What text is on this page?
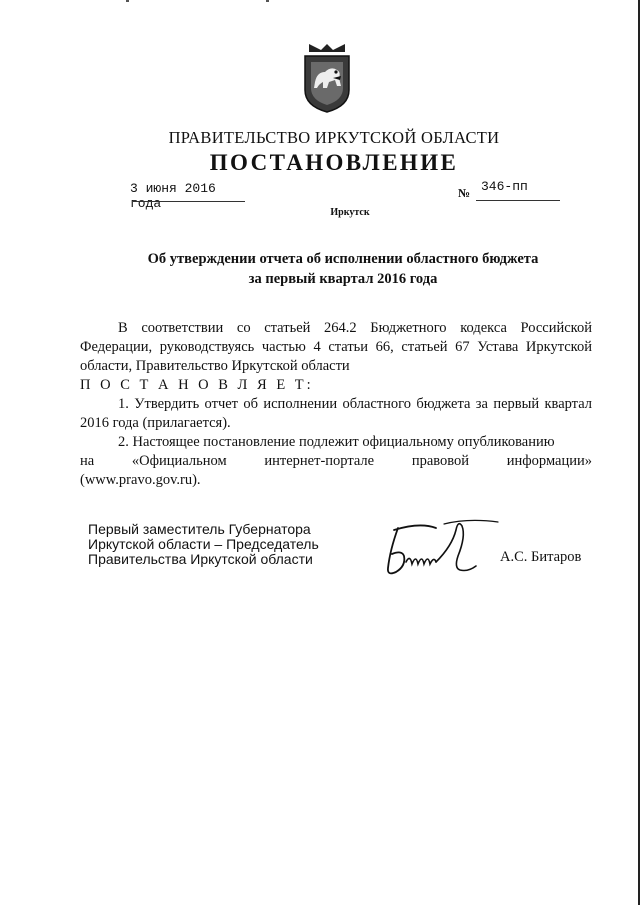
ПРАВИТЕЛЬСТВО ИРКУТСКОЙ ОБЛАСТИ
ПОСТАНОВЛЕНИЕ
3 июня 2016 года
№ 346-пп
Иркутск
Об утверждении отчета об исполнении областного бюджета
за первый квартал 2016 года

В соответствии со статьей 264.2 Бюджетного кодекса Российской Федерации, руководствуясь частью 4 статьи 66, статьей 67 Устава Иркутской области, Правительство Иркутской области

П О С Т А Н О В Л Я Е Т:

1. Утвердить отчет об исполнении областного бюджета за первый квартал 2016 года (прилагается).

2. Настоящее постановление подлежит официальному опубликованию

на «Официальном интернет-портале правовой информации»
(www.pravo.gov.ru).
Первый заместитель Губернатора
Иркутской области – Председатель
Правительства Иркутской области	А.С. Битаров
